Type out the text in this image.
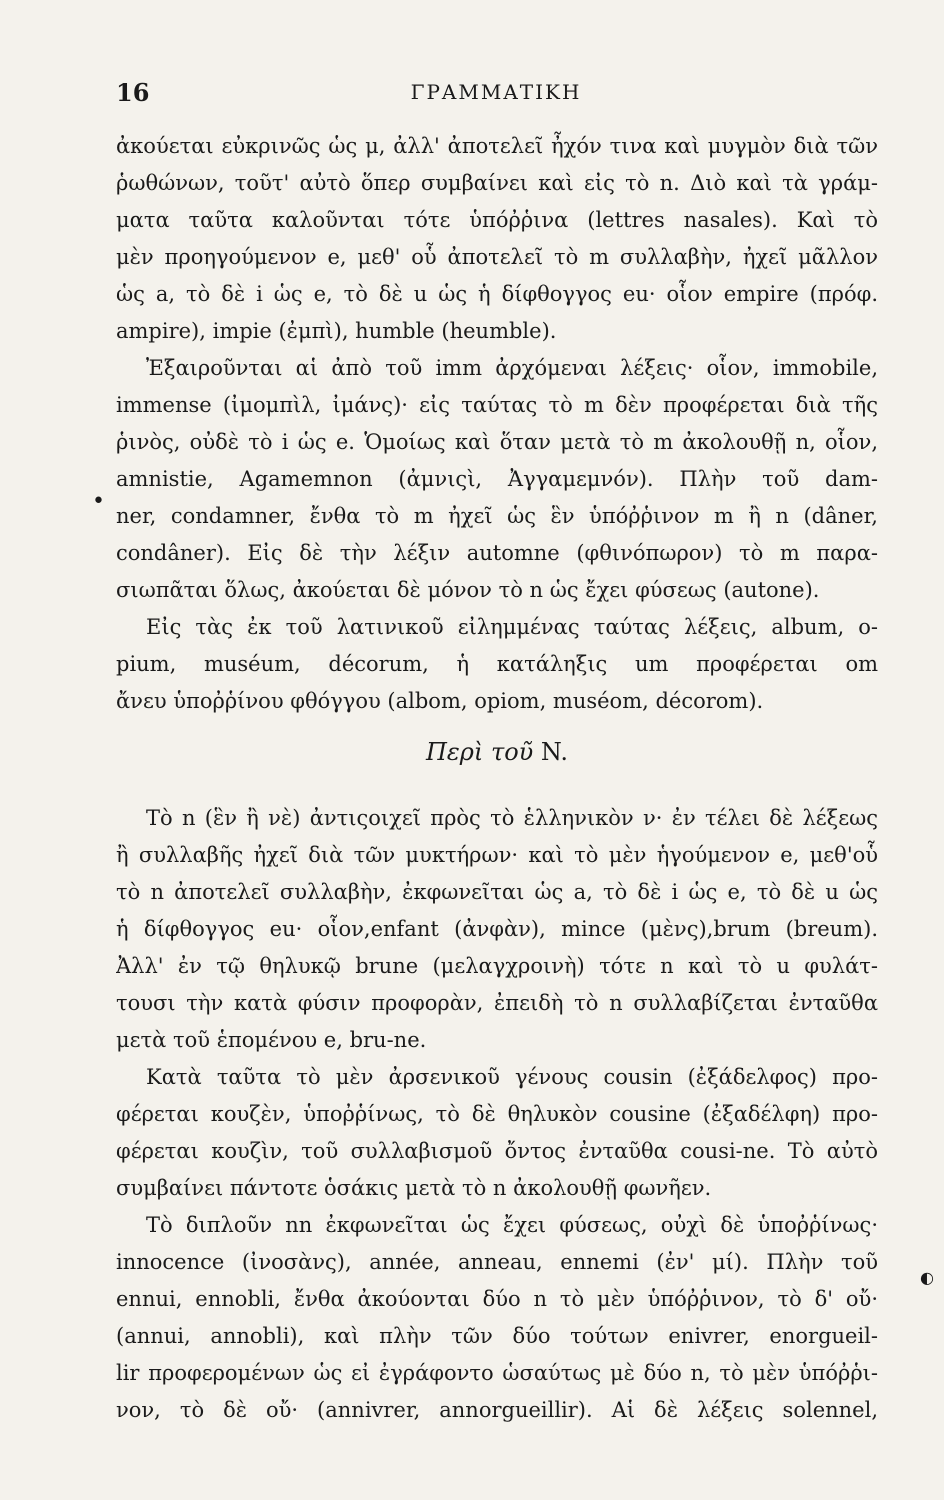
16	ΓΡΑΜΜΑΤΙΚΗ
•
◐
ἀκούεται εὐκρινῶς ὡς μ, ἀλλ' ἀποτελεῖ ἦχόν τινα καὶ μυγμὸν διὰ τῶν
ῥωθώνων, τοῦτ' αὐτὸ ὅπερ συμβαίνει καὶ εἰς τὸ n. Διὸ καὶ τὰ γράμ-
ματα ταῦτα καλοῦνται τότε ὑπόῤῥινα (lettres nasales). Καὶ τὸ
μὲν προηγούμενον e, μεθ' οὗ ἀποτελεῖ τὸ m συλλαβὴν, ἠχεῖ μᾶλλον
ὡς a, τὸ δὲ i ὡς e, τὸ δὲ u ὡς ἡ δίφθογγος eu· οἷον empire (πρόφ.
ampire), impie (ἐμπὶ), humble (heumble).
Ἐξαιροῦνται αἱ ἀπὸ τοῦ imm ἀρχόμεναι λέξεις· οἷον, immobile,
immense (ἰμομπὶλ, ἰμάνς)· εἰς ταύτας τὸ m δὲν προφέρεται διὰ τῆς
ῥινὸς, οὐδὲ τὸ i ὡς e. Ὁμοίως καὶ ὅταν μετὰ τὸ m ἀκολουθῇ n, οἷον,
amnistie, Agamemnon (ἀμνιςὶ, Ἀγγαμεμνόν). Πλὴν τοῦ dam-
ner, condamner, ἔνθα τὸ m ἠχεῖ ὡς ἓν ὑπόῤῥινον m ἢ n (dâner,
condâner). Εἰς δὲ τὴν λέξιν automne (φθινόπωρον) τὸ m παρα-
σιωπᾶται ὅλως, ἀκούεται δὲ μόνον τὸ n ὡς ἔχει φύσεως (autone).
Εἰς τὰς ἐκ τοῦ λατινικοῦ εἰλημμένας ταύτας λέξεις, album, o-
pium, muséum, décorum, ἡ κατάληξις um προφέρεται om
ἄνευ ὑποῤῥίνου φθόγγου (albom, opiom, muséom, décorom).
Περὶ τοῦ N.
Τὸ n (ἓν ἢ νὲ) ἀντιςοιχεῖ πρὸς τὸ ἑλληνικὸν ν· ἐν τέλει δὲ λέξεως
ἢ συλλαβῆς ἠχεῖ διὰ τῶν μυκτήρων· καὶ τὸ μὲν ἡγούμενον e, μεθ'οὗ
τὸ n ἀποτελεῖ συλλαβὴν, ἐκφωνεῖται ὡς a, τὸ δὲ i ὡς e, τὸ δὲ u ὡς
ἡ δίφθογγος eu· οἷον,enfant (ἀνφὰν), mince (μὲνς),brum (breum).
Ἀλλ' ἐν τῷ θηλυκῷ brune (μελαγχροινὴ) τότε n καὶ τὸ u φυλάτ-
τουσι τὴν κατὰ φύσιν προφορὰν, ἐπειδὴ τὸ n συλλαβίζεται ἐνταῦθα
μετὰ τοῦ ἑπομένου e, bru-ne.
Κατὰ ταῦτα τὸ μὲν ἀρσενικοῦ γένους cousin (ἐξάδελφος) προ-
φέρεται κουζὲν, ὑποῤῥίνως, τὸ δὲ θηλυκὸν cousine (ἐξαδέλφη) προ-
φέρεται κουζὶν, τοῦ συλλαβισμοῦ ὄντος ἐνταῦθα cousi-ne. Τὸ αὐτὸ
συμβαίνει πάντοτε ὁσάκις μετὰ τὸ n ἀκολουθῇ φωνῆεν.
Τὸ διπλοῦν nn ἐκφωνεῖται ὡς ἔχει φύσεως, οὐχὶ δὲ ὑποῤῥίνως·
innocence (ἰνοσὰνς), année, anneau, ennemi (ἐν' μί). Πλὴν τοῦ
ennui, ennobli, ἔνθα ἀκούονται δύο n τὸ μὲν ὑπόῤῥινον, τὸ δ' οὔ·
(annui, annobli), καὶ πλὴν τῶν δύο τούτων enivrer, enorgueil-
lir προφερομένων ὡς εἰ ἐγράφοντο ὡσαύτως μὲ δύο n, τὸ μὲν ὑπόῤῥι-
νον, τὸ δὲ οὔ· (annivrer, annorgueillir). Αἱ δὲ λέξεις solennel,
